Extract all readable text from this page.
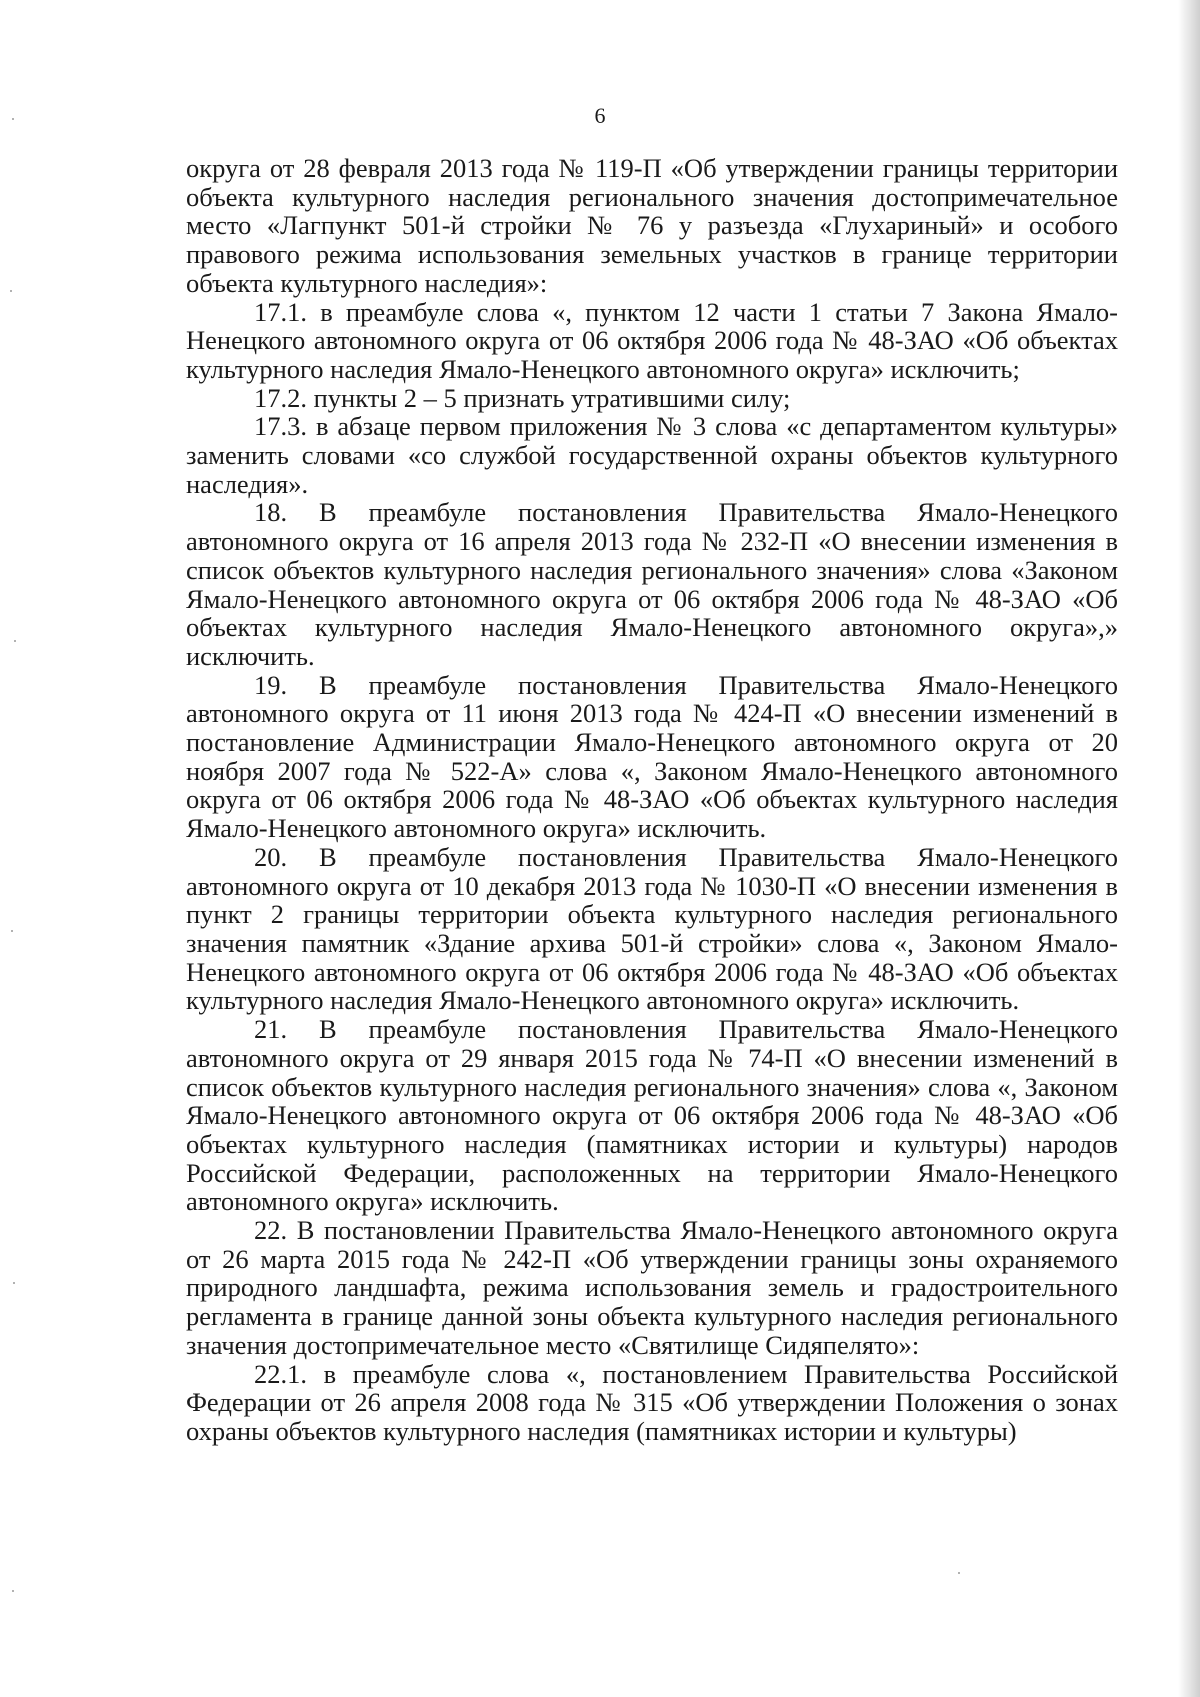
6

округа от 28 февраля 2013 года № 119-П «Об утверждении границы территории объекта культурного наследия регионального значения достопримечательное место «Лагпункт 501-й стройки № 76 у разъезда «Глухариный» и особого правового режима использования земельных участков в границе территории объекта культурного наследия»:

17.1. в преамбуле слова «, пунктом 12 части 1 статьи 7 Закона Ямало-Ненецкого автономного округа от 06 октября 2006 года № 48-ЗАО «Об объектах культурного наследия Ямало-Ненецкого автономного округа» исключить;

17.2. пункты 2 – 5 признать утратившими силу;

17.3. в абзаце первом приложения № 3 слова «с департаментом культуры» заменить словами «со службой государственной охраны объектов культурного наследия».

18. В преамбуле постановления Правительства Ямало-Ненецкого автономного округа от 16 апреля 2013 года № 232-П «О внесении изменения в список объектов культурного наследия регионального значения» слова «Законом Ямало-Ненецкого автономного округа от 06 октября 2006 года № 48-ЗАО «Об объектах культурного наследия Ямало-Ненецкого автономного округа»,» исключить.

19. В преамбуле постановления Правительства Ямало-Ненецкого автономного округа от 11 июня 2013 года № 424-П «О внесении изменений в постановление Администрации Ямало-Ненецкого автономного округа от 20 ноября 2007 года № 522-А» слова «, Законом Ямало-Ненецкого автономного округа от 06 октября 2006 года № 48-ЗАО «Об объектах культурного наследия Ямало-Ненецкого автономного округа» исключить.

20. В преамбуле постановления Правительства Ямало-Ненецкого автономного округа от 10 декабря 2013 года № 1030-П «О внесении изменения в пункт 2 границы территории объекта культурного наследия регионального значения памятник «Здание архива 501-й стройки» слова «, Законом Ямало-Ненецкого автономного округа от 06 октября 2006 года № 48-ЗАО «Об объектах культурного наследия Ямало-Ненецкого автономного округа» исключить.

21. В преамбуле постановления Правительства Ямало-Ненецкого автономного округа от 29 января 2015 года № 74-П «О внесении изменений в список объектов культурного наследия регионального значения» слова «, Законом Ямало-Ненецкого автономного округа от 06 октября 2006 года № 48-ЗАО «Об объектах культурного наследия (памятниках истории и культуры) народов Российской Федерации, расположенных на территории Ямало-Ненецкого автономного округа» исключить.

22. В постановлении Правительства Ямало-Ненецкого автономного округа от 26 марта 2015 года № 242-П «Об утверждении границы зоны охраняемого природного ландшафта, режима использования земель и градостроительного регламента в границе данной зоны объекта культурного наследия регионального значения достопримечательное место «Святилище Сидяпелято»:

22.1. в преамбуле слова «, постановлением Правительства Российской Федерации от 26 апреля 2008 года № 315 «Об утверждении Положения о зонах охраны объектов культурного наследия (памятниках истории и культуры)
